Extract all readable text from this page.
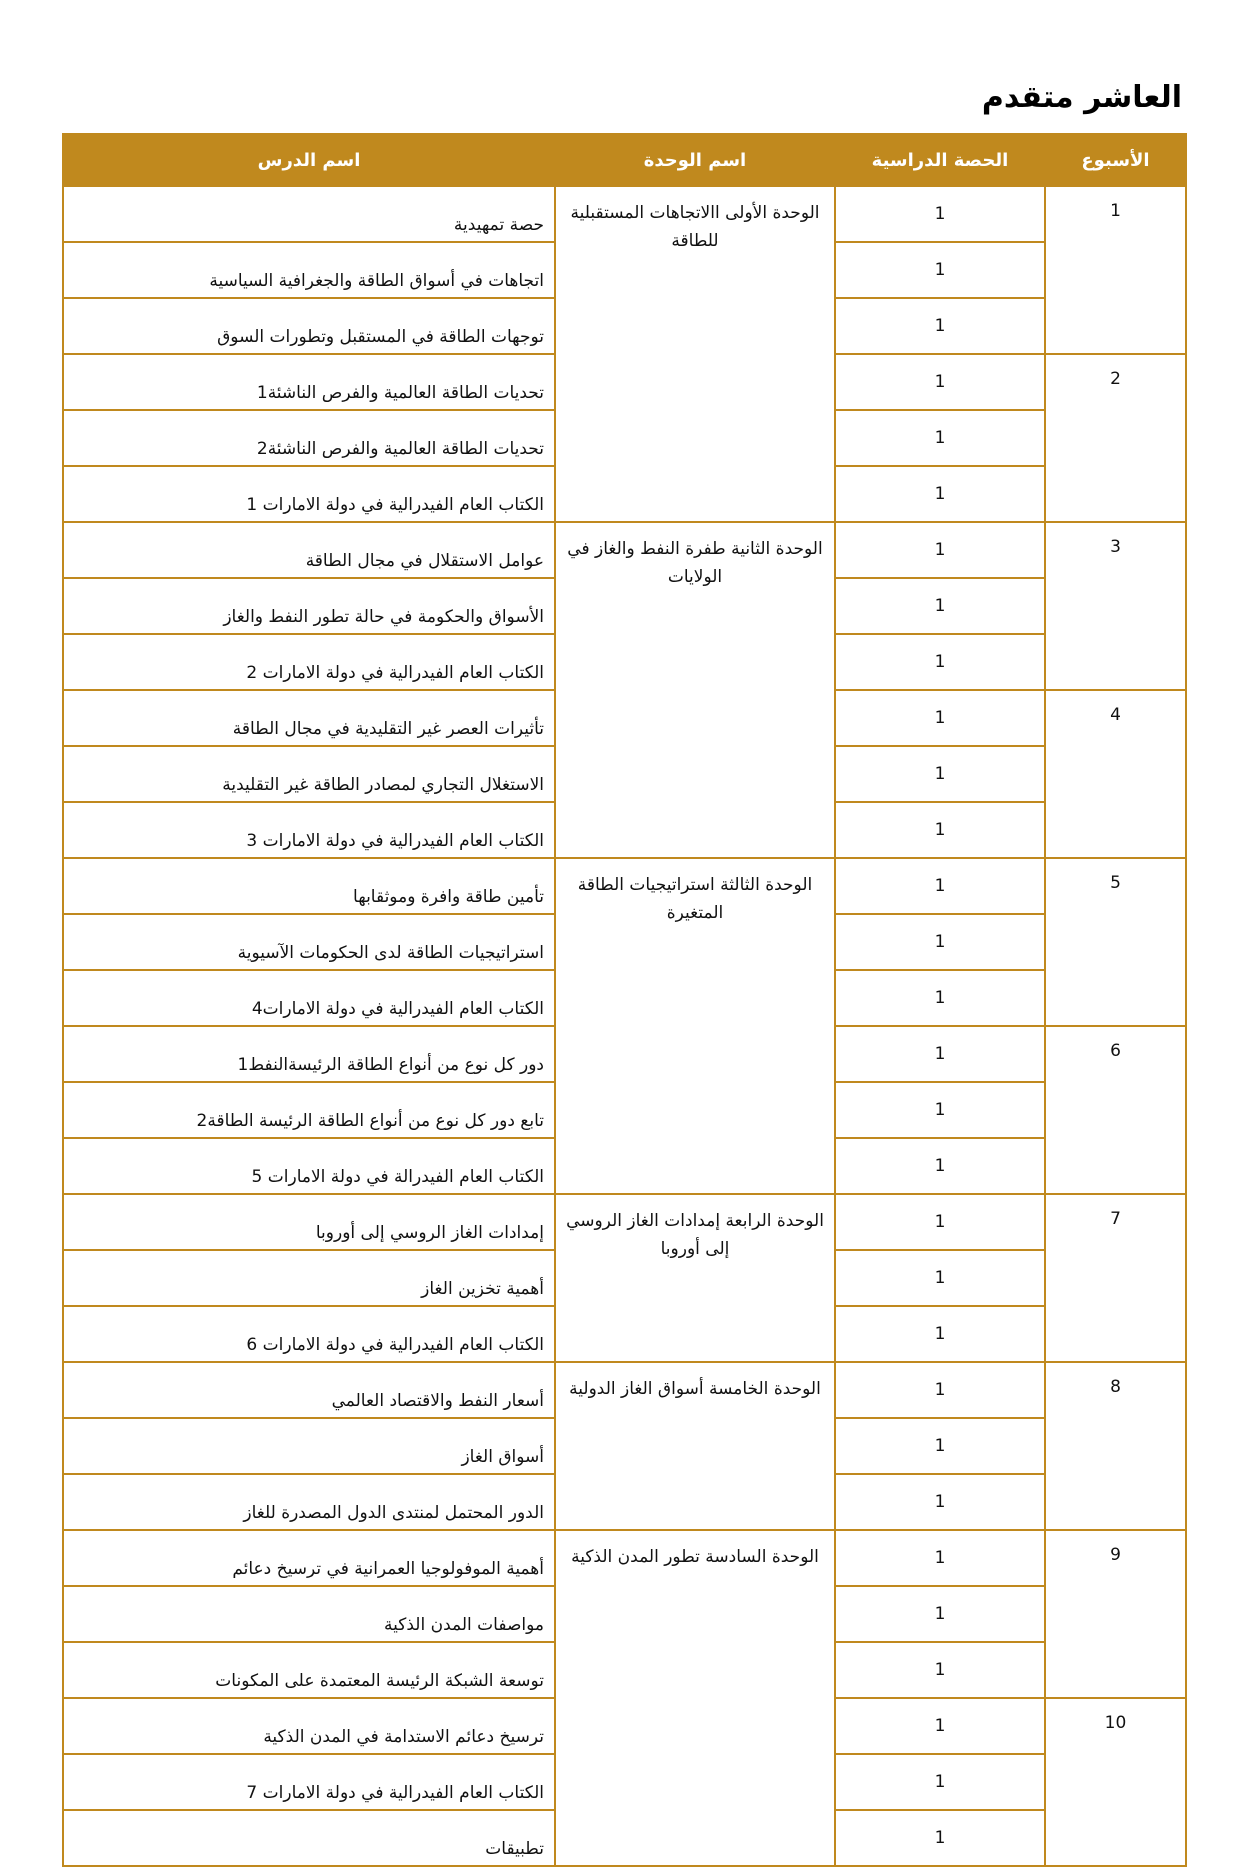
العاشر متقدم
الأسبوع	الحصة الدراسية	اسم الوحدة	اسم الدرس
1	1	الوحدة الأولى االاتجاهات المستقبلية للطاقة	حصة تمهيدية
	1		اتجاهات في أسواق الطاقة والجغرافية السياسية
	1		توجهات الطاقة في المستقبل وتطورات السوق
2	1		تحديات الطاقة العالمية والفرص الناشئة1
	1		تحديات الطاقة العالمية والفرص الناشئة2
	1		الكتاب العام الفيدرالية في دولة الامارات 1
3	1	الوحدة الثانية طفرة النفط والغاز في الولايات	عوامل الاستقلال في مجال الطاقة
	1		الأسواق والحكومة في حالة تطور النفط والغاز
	1		الكتاب العام الفيدرالية في دولة الامارات 2
4	1		تأثيرات العصر غير التقليدية في مجال الطاقة
	1		الاستغلال التجاري لمصادر الطاقة غير التقليدية
	1		الكتاب العام الفيدرالية في دولة الامارات 3
5	1	الوحدة الثالثة استراتيجيات الطاقة المتغيرة	تأمين طاقة وافرة وموثقابها
	1		استراتيجيات الطاقة لدى الحكومات الآسيوية
	1		الكتاب العام الفيدرالية في دولة الامارات4
6	1		دور كل نوع من أنواع الطاقة الرئيسةالنفط1
	1		تابع دور كل نوع من أنواع الطاقة الرئيسة الطاقة2
	1		الكتاب العام الفيدرالة في دولة الامارات 5
7	1	الوحدة الرابعة إمدادات الغاز الروسي إلى أوروبا	إمدادات الغاز الروسي إلى أوروبا
	1		أهمية تخزين الغاز
	1		الكتاب العام الفيدرالية في دولة الامارات 6
8	1	الوحدة الخامسة أسواق الغاز الدولية	أسعار النفط والاقتصاد العالمي
	1		أسواق الغاز
	1		الدور المحتمل لمنتدى الدول المصدرة للغاز
9	1	الوحدة السادسة تطور المدن الذكية	أهمية الموفولوجيا العمرانية في ترسيخ دعائم
	1		مواصفات المدن الذكية
	1		توسعة الشبكة الرئيسة المعتمدة على المكونات
10	1		ترسيخ دعائم الاستدامة في المدن الذكية
	1		الكتاب العام الفيدرالية في دولة الامارات 7
	1		تطبيقات
